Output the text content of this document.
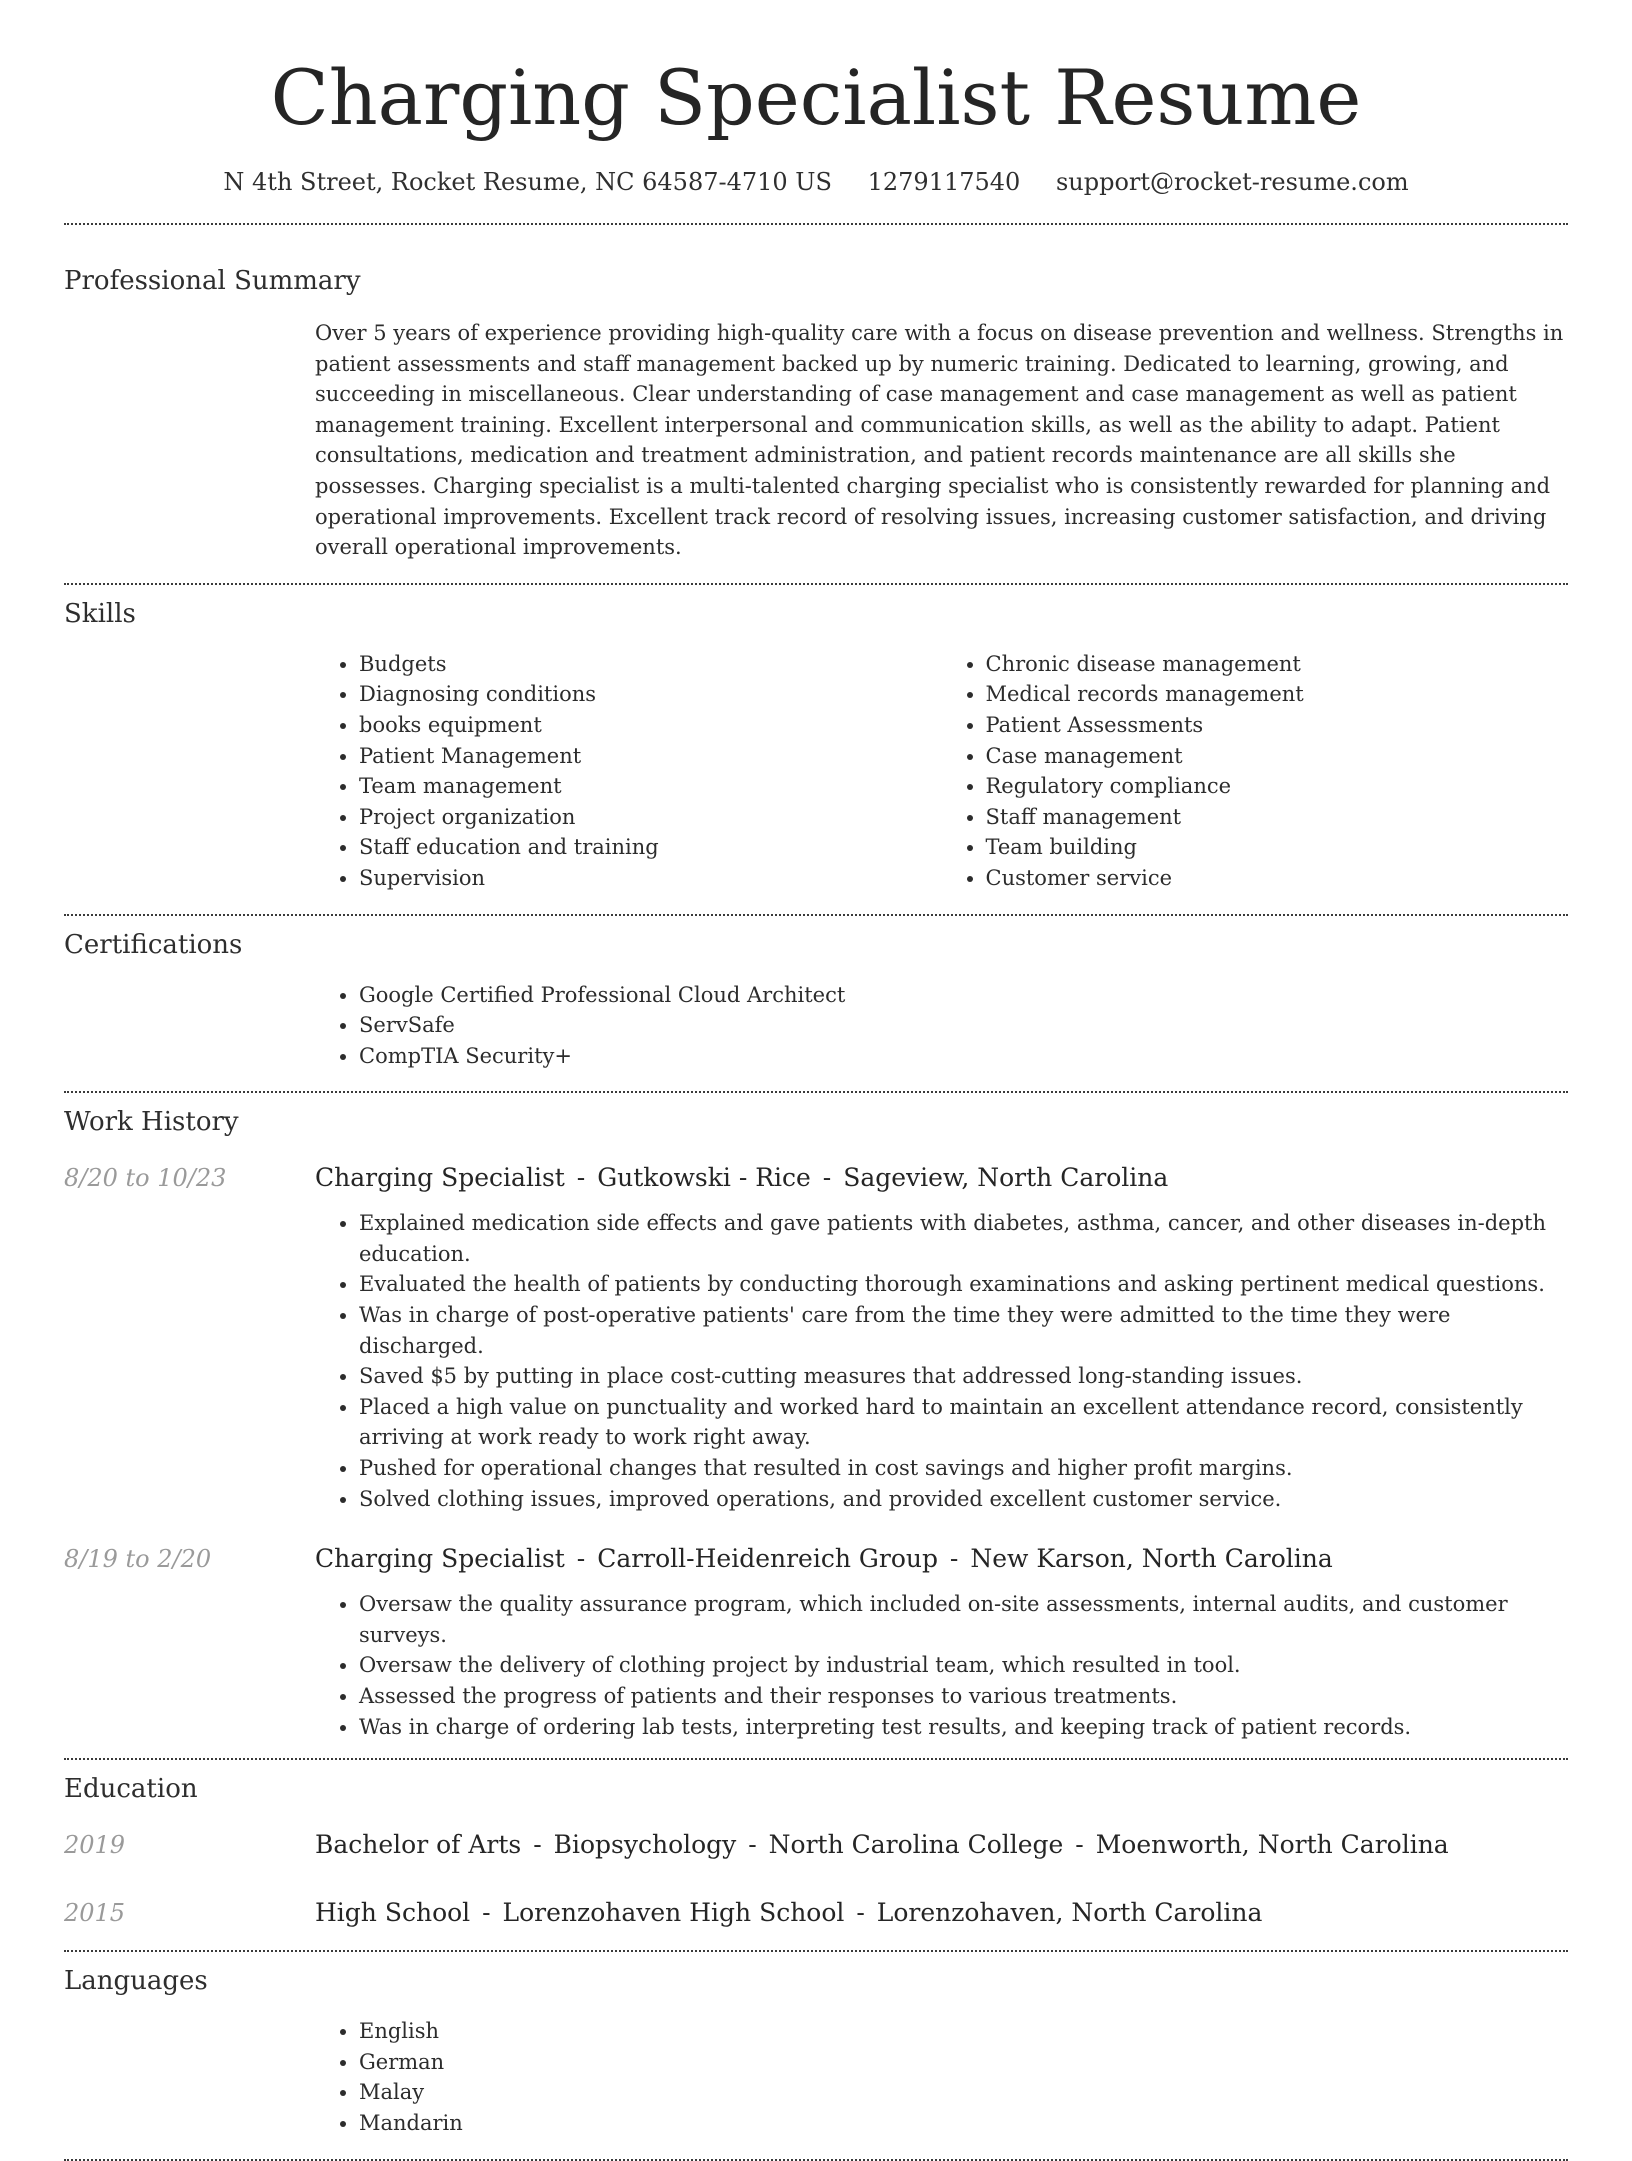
Charging Specialist Resume
N 4th Street, Rocket Resume, NC 64587-4710 US 1279117540 support@rocket-resume.com
Professional Summary

Over 5 years of experience providing high-quality care with a focus on disease prevention and wellness. Strengths in patient assessments and staff management backed up by numeric training. Dedicated to learning, growing, and succeeding in miscellaneous. Clear understanding of case management and case management as well as patient management training. Excellent interpersonal and communication skills, as well as the ability to adapt. Patient consultations, medication and treatment administration, and patient records maintenance are all skills she possesses. Charging specialist is a multi-talented charging specialist who is consistently rewarded for planning and operational improvements. Excellent track record of resolving issues, increasing customer satisfaction, and driving overall operational improvements.

Skills
• Budgets
• Diagnosing conditions
• books equipment
• Patient Management
• Team management
• Project organization
• Staff education and training
• Supervision
• Chronic disease management
• Medical records management
• Patient Assessments
• Case management
• Regulatory compliance
• Staff management
• Team building
• Customer service
Certifications
• Google Certified Professional Cloud Architect
• ServSafe
• CompTIA Security+
Work History
8/20 to 10/23	Charging Specialist - Gutkowski - Rice - Sageview, North Carolina
• Explained medication side effects and gave patients with diabetes, asthma, cancer, and other diseases in-depth education.
• Evaluated the health of patients by conducting thorough examinations and asking pertinent medical questions.
• Was in charge of post-operative patients' care from the time they were admitted to the time they were discharged.
• Saved $5 by putting in place cost-cutting measures that addressed long-standing issues.
• Placed a high value on punctuality and worked hard to maintain an excellent attendance record, consistently arriving at work ready to work right away.
• Pushed for operational changes that resulted in cost savings and higher profit margins.
• Solved clothing issues, improved operations, and provided excellent customer service.
8/19 to 2/20	Charging Specialist - Carroll-Heidenreich Group - New Karson, North Carolina
• Oversaw the quality assurance program, which included on-site assessments, internal audits, and customer surveys.
• Oversaw the delivery of clothing project by industrial team, which resulted in tool.
• Assessed the progress of patients and their responses to various treatments.
• Was in charge of ordering lab tests, interpreting test results, and keeping track of patient records.
Education
2019	Bachelor of Arts - Biopsychology - North Carolina College - Moenworth, North Carolina
2015	High School - Lorenzohaven High School - Lorenzohaven, North Carolina
Languages
• English
• German
• Malay
• Mandarin
